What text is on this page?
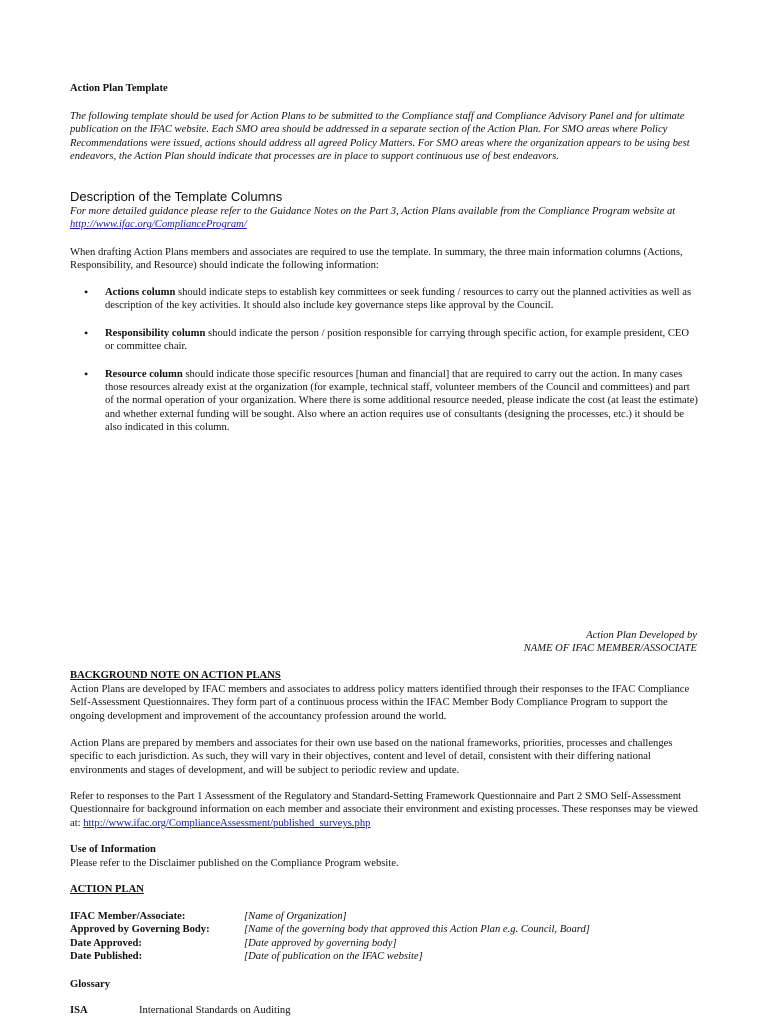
Action Plan Template

The following template should be used for Action Plans to be submitted to the Compliance staff and Compliance Advisory Panel and for ultimate publication on the IFAC website. Each SMO area should be addressed in a separate section of the Action Plan. For SMO areas where Policy Recommendations were issued, actions should address all agreed Policy Matters. For SMO areas where the organization appears to be using best endeavors, the Action Plan should indicate that processes are in place to support continuous use of best endeavors.

Description of the Template Columns

For more detailed guidance please refer to the Guidance Notes on the Part 3, Action Plans available from the Compliance Program website at http://www.ifac.org/ComplianceProgram/

When drafting Action Plans members and associates are required to use the template. In summary, the three main information columns (Actions, Responsibility, and Resource) should indicate the following information:

• Actions column should indicate steps to establish key committees or seek funding / resources to carry out the planned activities as well as description of the key activities. It should also include key governance steps like approval by the Council.
• Responsibility column should indicate the person / position responsible for carrying through specific action, for example president, CEO or committee chair.
• Resource column should indicate those specific resources [human and financial] that are required to carry out the action. In many cases those resources already exist at the organization (for example, technical staff, volunteer members of the Council and committees) and part of the normal operation of your organization. Where there is some additional resource needed, please indicate the cost (at least the estimate) and whether external funding will be sought. Also where an action requires use of consultants (designing the processes, etc.) it should be also indicated in this column.
Action Plan Developed by
NAME OF IFAC MEMBER/ASSOCIATE
BACKGROUND NOTE ON ACTION PLANS

Action Plans are developed by IFAC members and associates to address policy matters identified through their responses to the IFAC Compliance Self-Assessment Questionnaires. They form part of a continuous process within the IFAC Member Body Compliance Program to support the ongoing development and improvement of the accountancy profession around the world.

Action Plans are prepared by members and associates for their own use based on the national frameworks, priorities, processes and challenges specific to each jurisdiction. As such, they will vary in their objectives, content and level of detail, consistent with their differing national environments and stages of development, and will be subject to periodic review and update.

Refer to responses to the Part 1 Assessment of the Regulatory and Standard-Setting Framework Questionnaire and Part 2 SMO Self-Assessment Questionnaire for background information on each member and associate their environment and existing processes. These responses may be viewed at: http://www.ifac.org/ComplianceAssessment/published_surveys.php

Use of Information
Please refer to the Disclaimer published on the Compliance Program website.
ACTION PLAN
IFAC Member/Associate:	[Name of Organization]
Approved by Governing Body:	[Name of the governing body that approved this Action Plan e.g. Council, Board]
Date Approved:	[Date approved by governing body]
Date Published:	[Date of publication on the IFAC website]
Glossary
ISA	International Standards on Auditing
